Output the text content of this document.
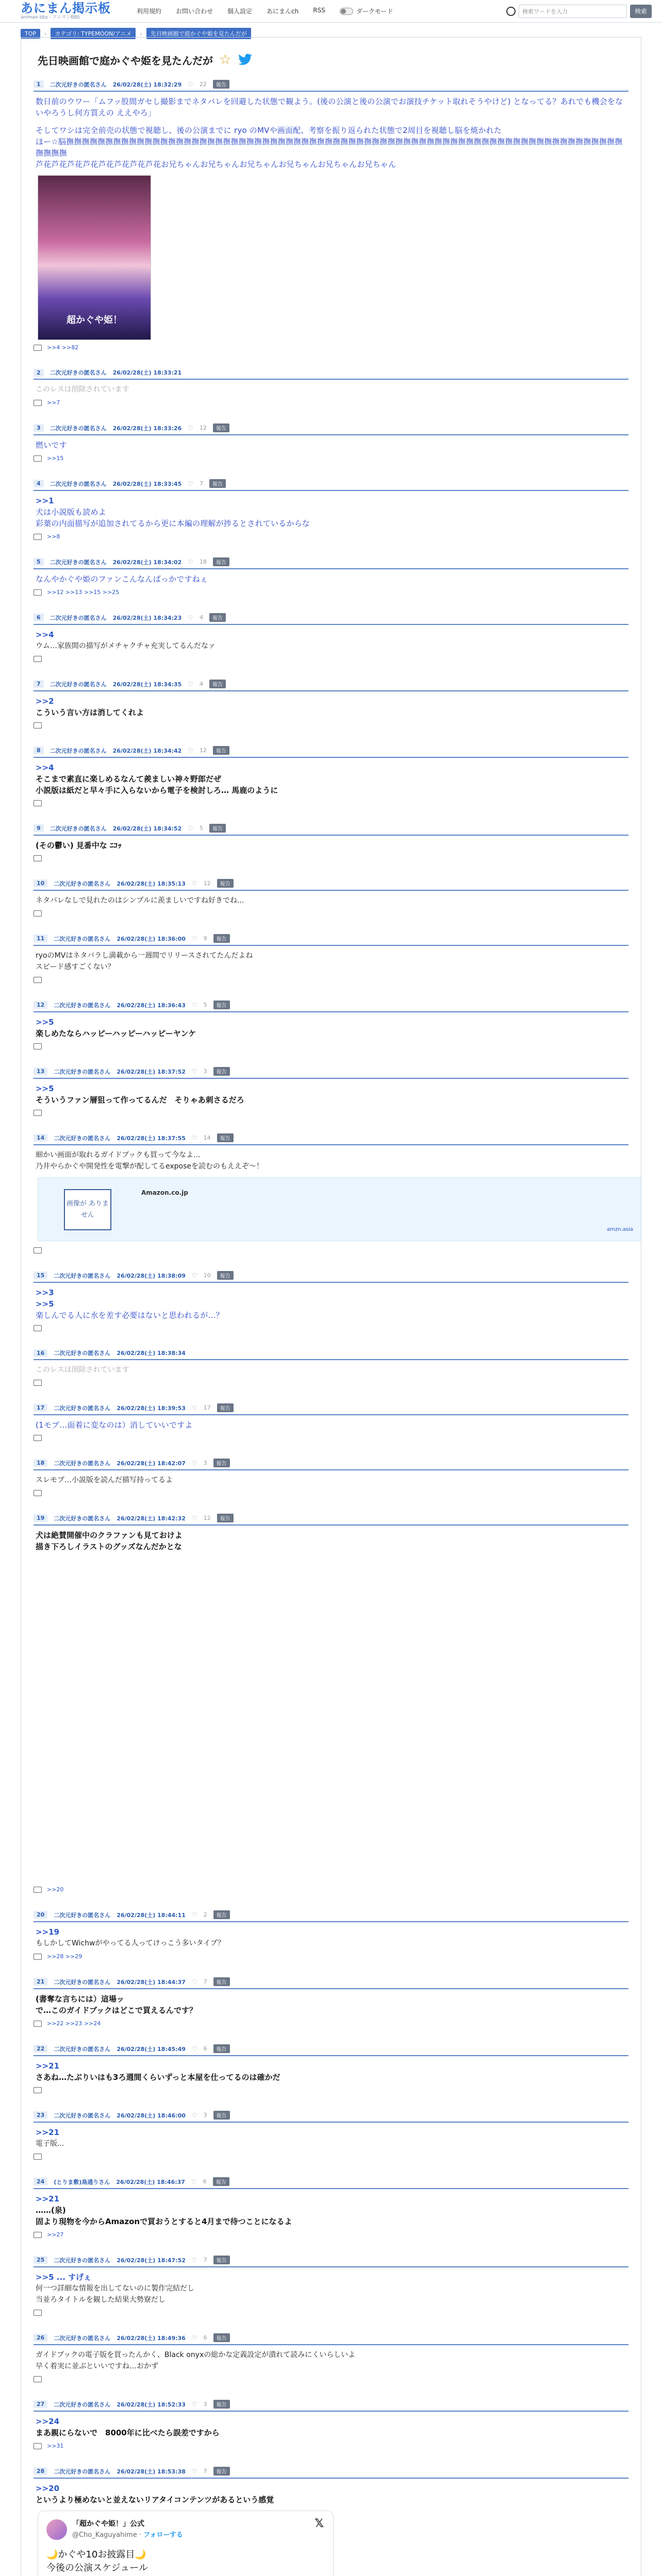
あにまん掲示板
animan bbs - アニマンBBS
利用規約 お問い合わせ 個人設定 あにまんch RSS	ダークモード	検索ワードを入力	検索
TOP	›	カテゴリ: TYPEMOON/アニメ	›	先日映画館で庭かぐや姫を見たんだが
先日映画館で庭かぐや姫を見たんだが ☆
1	二次元好きの匿名さん 26/02/28(土) 18:32:29 ♡ 22	報告
数日前のウワー「ムフッ股間ガセし撮影までネタバレを回避した状態で観よう。(後の公演と後の公演でお演技チケット取れそうやけど) となってる？あれでも機会をないやろうし何方買えの ええやろ」
そしてワシは完全前売の状態で視聴し、後の公演までに ryo のMVや画面配、考察を振り返られた状態で2周目を視聴し脳を焼かれた
ほー☆脳撫撫撫撫撫撫撫撫撫撫撫撫撫撫撫撫撫撫撫撫撫撫撫撫撫撫撫撫撫撫撫撫撫撫撫撫撫撫撫撫撫撫撫撫撫撫撫撫撫撫撫撫撫撫撫撫撫撫撫撫撫撫撫撫撫撫撫撫撫撫撫撫撫撫撫
芦花芦花芦花芦花芦花芦花芦花芦花お兄ちゃんお兄ちゃんお兄ちゃんお兄ちゃんお兄ちゃんお兄ちゃん
超かぐや姫！
>>4 >>82
2	二次元好きの匿名さん 26/02/28(土) 18:33:21
このレスは削除されています
>>7
3	二次元好きの匿名さん 26/02/28(土) 18:33:26 ♡ 12	報告
燃いです
>>15
4	二次元好きの匿名さん 26/02/28(土) 18:33:45 ♡ 7	報告
>>1
犬は小説版も読めよ
彩葉の内面描写が追加されてるから更に本編の理解が捗るとされているからな
>>8
5	二次元好きの匿名さん 26/02/28(土) 18:34:02 ♡ 18	報告
なんやかぐや姫のファンこんなんばっかですねぇ
>>12 >>13 >>15 >>25
6	二次元好きの匿名さん 26/02/28(土) 18:34:23 ♡ 4	報告
>>4
ウム…家族間の描写がメチャクチャ充実してるんだなァ
7	二次元好きの匿名さん 26/02/28(土) 18:34:35 ♡ 4	報告
>>2
こういう言い方は消してくれよ
8	二次元好きの匿名さん 26/02/28(土) 18:34:42 ♡ 12	報告
>>4
そこまで素直に楽しめるなんて羨ましい神々野郎だぜ
小説版は紙だと早々手に入らないから電子を検討しろ… 馬鹿のように
9	二次元好きの匿名さん 26/02/28(土) 18:34:52 ♡ 5	報告
(その鬱い) 見番中な ﾆｺｯ
10	二次元好きの匿名さん 26/02/28(土) 18:35:13 ♡ 12	報告
ネタバレなしで見れたのはシンプルに羨ましいですね好きでね...
11	二次元好きの匿名さん 26/02/28(土) 18:36:00 ♡ 9	報告
ryoのMVはネタバラし満載から一週間でリリースされてたんだよね
スピード感すごくない？
12	二次元好きの匿名さん 26/02/28(土) 18:36:43 ♡ 5	報告
>>5
楽しめたならハッピーハッピーハッピーヤンケ
13	二次元好きの匿名さん 26/02/28(土) 18:37:52 ♡ 3	報告
>>5
そういうファン層狙って作ってるんだ　そりゃあ刺さるだろ
14	二次元好きの匿名さん 26/02/28(土) 18:37:55 ♡ 14	報告
細かい画面が取れるガイドブックも買って今なよ...
乃井やらかぐや開発性を電撃が配してるexposeを読むのもええぞ～！
画像が ありません
Amazon.co.jp
amzn.asia
15	二次元好きの匿名さん 26/02/28(土) 18:38:09 ♡ 10	報告
>>3
>>5
楽しんでる人に水を差す必要はないと思われるが…？
16	二次元好きの匿名さん 26/02/28(土) 18:38:34
このレスは削除されています
17	二次元好きの匿名さん 26/02/28(土) 18:39:53 ♡ 17	報告
(1モブ…面着に変なのは）消していいですよ
18	二次元好きの匿名さん 26/02/28(土) 18:42:07 ♡ 3	報告
スレモブ…小説版を読んだ描写持ってるよ
19	二次元好きの匿名さん 26/02/28(土) 18:42:32 ♡ 12	報告
犬は絶賛開催中のクラファンも見ておけよ
描き下ろしイラストのグッズなんだかとな
>>20
20	二次元好きの匿名さん 26/02/28(土) 18:44:11 ♡ 2	報告
>>19
もしかしてWichwがやってる人ってけっこう多いタイプ？
>>28 >>29
21	二次元好きの匿名さん 26/02/28(土) 18:44:37 ♡ 7	報告
(書奪な言ちには）這場ッ
で…このガイドブックはどこで買えるんです？
>>22 >>23 >>24
22	二次元好きの匿名さん 26/02/28(土) 18:45:49 ♡ 6	報告
>>21
さあね…たぶりいはも3ろ週間くらいずっと本屋を仕ってるのは確かだ
23	二次元好きの匿名さん 26/02/28(土) 18:46:00 ♡ 3	報告
>>21
電子版...
24	(とりま敷)鳥通りさん 26/02/28(土) 18:46:37 ♡ 6	報告
>>21
……(泉)
固より現物を今からAmazonで買おうとすると4月まで待つことになるよ
>>27
25	二次元好きの匿名さん 26/02/28(土) 18:47:52 ♡ 7	報告
>>5 ... すげぇ
何一つ詳細な情報を出してないのに製作完結だし
当並ろタイトルを観した結果大勢寮だし
26	二次元好きの匿名さん 26/02/28(土) 18:49:36 ♡ 6	報告
ガイドブックの電子版を買ったんかく、Black onyxの総かな定義設定が潰れて読みにくいらしいよ
早く着実に並ぶといいですね…おかず
27	二次元好きの匿名さん 26/02/28(土) 18:52:33 ♡ 3	報告
>>24
まあ親にらないで　8000年に比べたら誤差ですから
>>31
28	二次元好きの匿名さん 26/02/28(土) 18:53:38 ♡ 7	報告
>>20
というより極めないと並えないリアタイコンテンツがあるという感覚
「超かぐや姫！」公式
@Cho_Kaguyahime · フォローする
𝕏
🌙かぐや10お披露目🌙
今後の公演スケジュール
